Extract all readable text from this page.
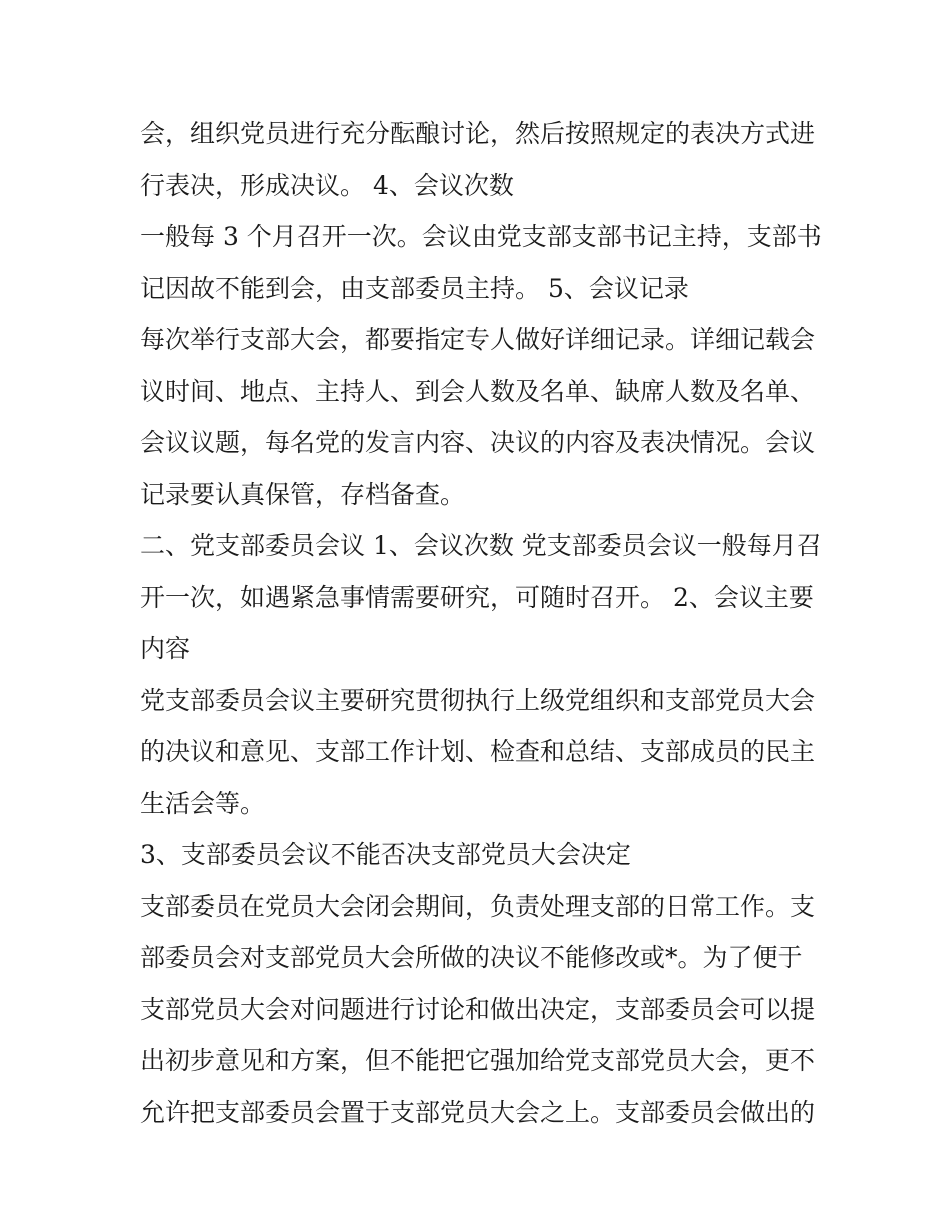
会，组织党员进行充分酝酿讨论，然后按照规定的表决方式进
行表决，形成决议。 4、会议次数
一般每 3 个月召开一次。会议由党支部支部书记主持，支部书
记因故不能到会，由支部委员主持。 5、会议记录
每次举行支部大会，都要指定专人做好详细记录。详细记载会
议时间、地点、主持人、到会人数及名单、缺席人数及名单、
会议议题，每名党的发言内容、决议的内容及表决情况。会议
记录要认真保管，存档备查。
二、党支部委员会议 1、会议次数 党支部委员会议一般每月召
开一次，如遇紧急事情需要研究，可随时召开。 2、会议主要
内容
党支部委员会议主要研究贯彻执行上级党组织和支部党员大会
的决议和意见、支部工作计划、检查和总结、支部成员的民主
生活会等。
3、支部委员会议不能否决支部党员大会决定
支部委员在党员大会闭会期间，负责处理支部的日常工作。支
部委员会对支部党员大会所做的决议不能修改或*。为了便于
支部党员大会对问题进行讨论和做出决定，支部委员会可以提
出初步意见和方案，但不能把它强加给党支部党员大会，更不
允许把支部委员会置于支部党员大会之上。支部委员会做出的
